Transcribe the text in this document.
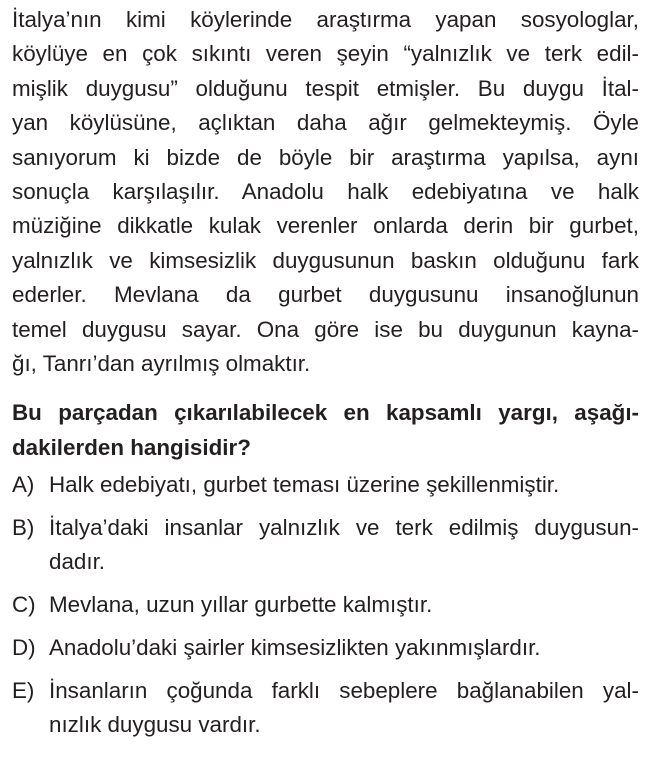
İtalya’nın kimi köylerinde araştırma yapan sosyologlar,
köylüye en çok sıkıntı veren şeyin “yalnızlık ve terk edil-
mişlik duygusu” olduğunu tespit etmişler. Bu duygu İtal-
yan köylüsüne, açlıktan daha ağır gelmekteymiş. Öyle
sanıyorum ki bizde de böyle bir araştırma yapılsa, aynı
sonuçla karşılaşılır. Anadolu halk edebiyatına ve halk
müziğine dikkatle kulak verenler onlarda derin bir gurbet,
yalnızlık ve kimsesizlik duygusunun baskın olduğunu fark
ederler. Mevlana da gurbet duygusunu insanoğlunun
temel duygusu sayar. Ona göre ise bu duygunun kayna-
ğı, Tanrı’dan ayrılmış olmaktır.
Bu parçadan çıkarılabilecek en kapsamlı yargı, aşağı-
dakilerden hangisidir?
A) Halk edebiyatı, gurbet teması üzerine şekillenmiştir.
B) İtalya’daki insanlar yalnızlık ve terk edilmiş duygusun-
dadır.
C) Mevlana, uzun yıllar gurbette kalmıştır.
D) Anadolu’daki şairler kimsesizlikten yakınmışlardır.
E) İnsanların çoğunda farklı sebeplere bağlanabilen yal-
nızlık duygusu vardır.
